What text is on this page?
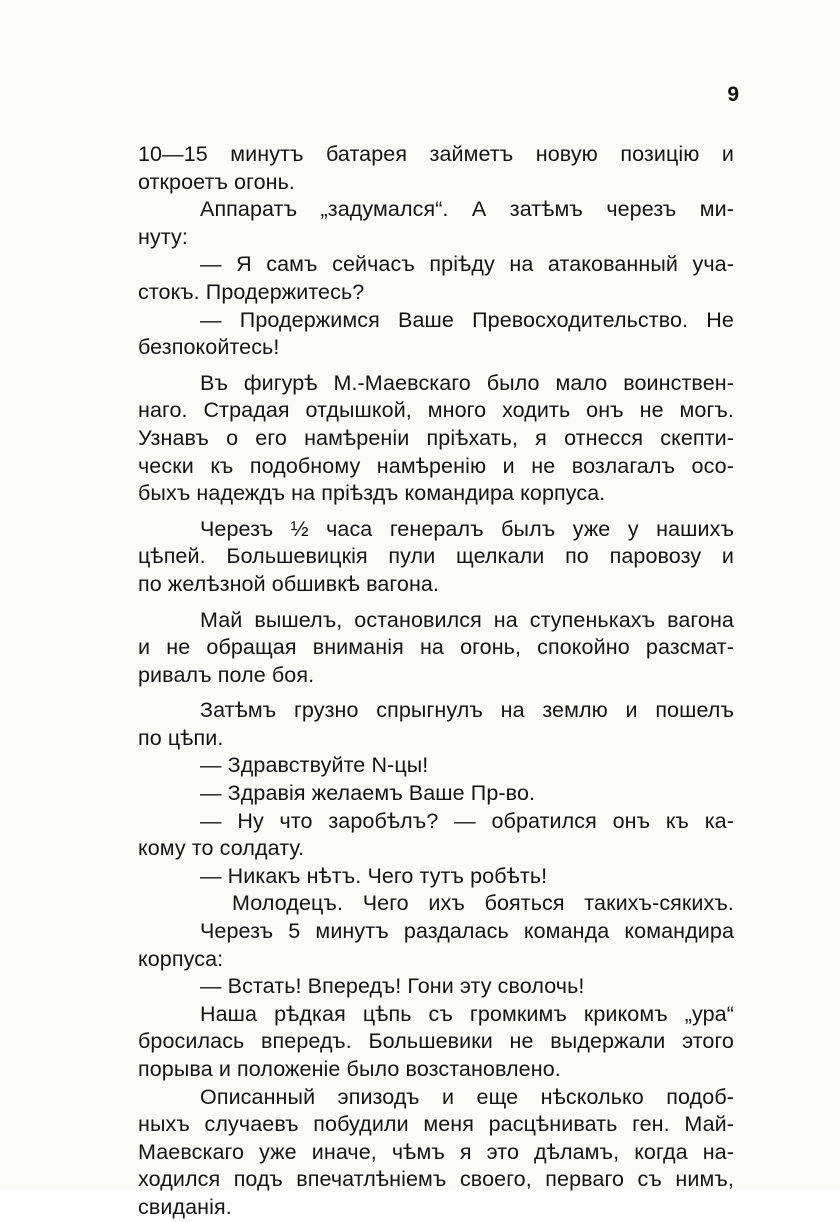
9
10—15 минутъ батарея займетъ новую позицію и
откроетъ огонь.
Аппаратъ „задумался“. А затѣмъ черезъ ми-
нуту:
— Я самъ сейчасъ пріѣду на атакованный уча-
стокъ. Продержитесь?
— Продержимся Ваше Превосходительство. Не
безпокойтесь!
Въ фигурѣ М.-Маевскаго было мало воинствен-
наго. Страдая отдышкой, много ходить онъ не могъ.
Узнавъ о его намѣреніи пріѣхать, я отнесся скепти-
чески къ подобному намѣренію и не возлагалъ осо-
быхъ надеждъ на пріѣздъ командира корпуса.
Черезъ ½ часа генералъ былъ уже у нашихъ
цѣпей. Большевицкія пули щелкали по паровозу и
по желѣзной обшивкѣ вагона.
Май вышелъ, остановился на ступенькахъ вагона
и не обращая вниманія на огонь, спокойно разсмат-
ривалъ поле боя.
Затѣмъ грузно спрыгнулъ на землю и пошелъ
по цѣпи.
— Здравствуйте N-цы!
— Здравія желаемъ Ваше Пр-во.
— Ну что заробѣлъ? — обратился онъ къ ка-
кому то солдату.
— Никакъ нѣтъ. Чего тутъ робѣть!
Молодецъ. Чего ихъ бояться такихъ-сякихъ.
Черезъ 5 минутъ раздалась команда командира
корпуса:
— Встать! Впередъ! Гони эту сволочь!
Наша рѣдкая цѣпь съ громкимъ крикомъ „ура“
бросилась впередъ. Большевики не выдержали этого
порыва и положеніе было возстановлено.
Описанный эпизодъ и еще нѣсколько подоб-
ныхъ случаевъ побудили меня расцѣнивать ген. Май-
Маевскаго уже иначе, чѣмъ я это дѣламъ, когда на-
ходился подъ впечатлѣніемъ своего, перваго съ нимъ,
свиданія.
